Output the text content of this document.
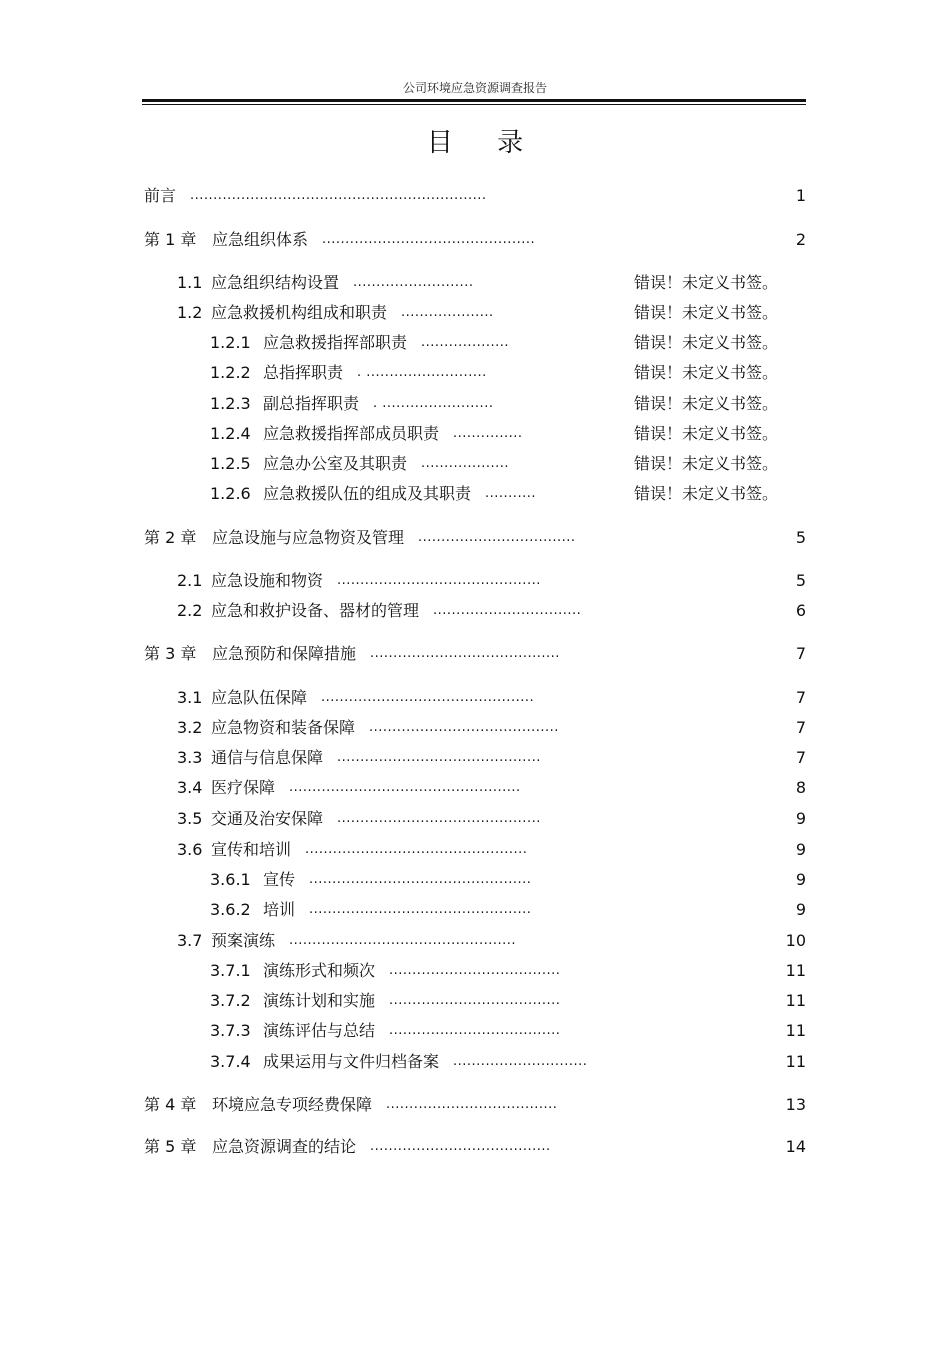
公司环境应急资源调查报告
目 录
前言 ................................................................	1
第 1 章 应急组织体系 ..............................................	2
1.1 应急组织结构设置 ..........................	错误！未定义书签。
1.2 应急救援机构组成和职责 ....................	错误！未定义书签。
1.2.1 应急救援指挥部职责 ...................	错误！未定义书签。
1.2.2 总指挥职责 . ..........................	错误！未定义书签。
1.2.3 副总指挥职责 . ........................	错误！未定义书签。
1.2.4 应急救援指挥部成员职责 ...............	错误！未定义书签。
1.2.5 应急办公室及其职责 ...................	错误！未定义书签。
1.2.6 应急救援队伍的组成及其职责 ...........	错误！未定义书签。
第 2 章 应急设施与应急物资及管理 ..................................	5
2.1 应急设施和物资 ............................................	5
2.2 应急和救护设备、器材的管理 ................................	6
第 3 章 应急预防和保障措施 .........................................	7
3.1 应急队伍保障 ..............................................	7
3.2 应急物资和装备保障 .........................................	7
3.3 通信与信息保障 ............................................	7
3.4 医疗保障 ..................................................	8
3.5 交通及治安保障 ............................................	9
3.6 宣传和培训 ................................................	9
3.6.1 宣传 ................................................	9
3.6.2 培训 ................................................	9
3.7 预案演练 .................................................	10
3.7.1 演练形式和频次 .....................................	11
3.7.2 演练计划和实施 .....................................	11
3.7.3 演练评估与总结 .....................................	11
3.7.4 成果运用与文件归档备案 .............................	11
第 4 章 环境应急专项经费保障 .....................................	13
第 5 章 应急资源调查的结论 .......................................	14
